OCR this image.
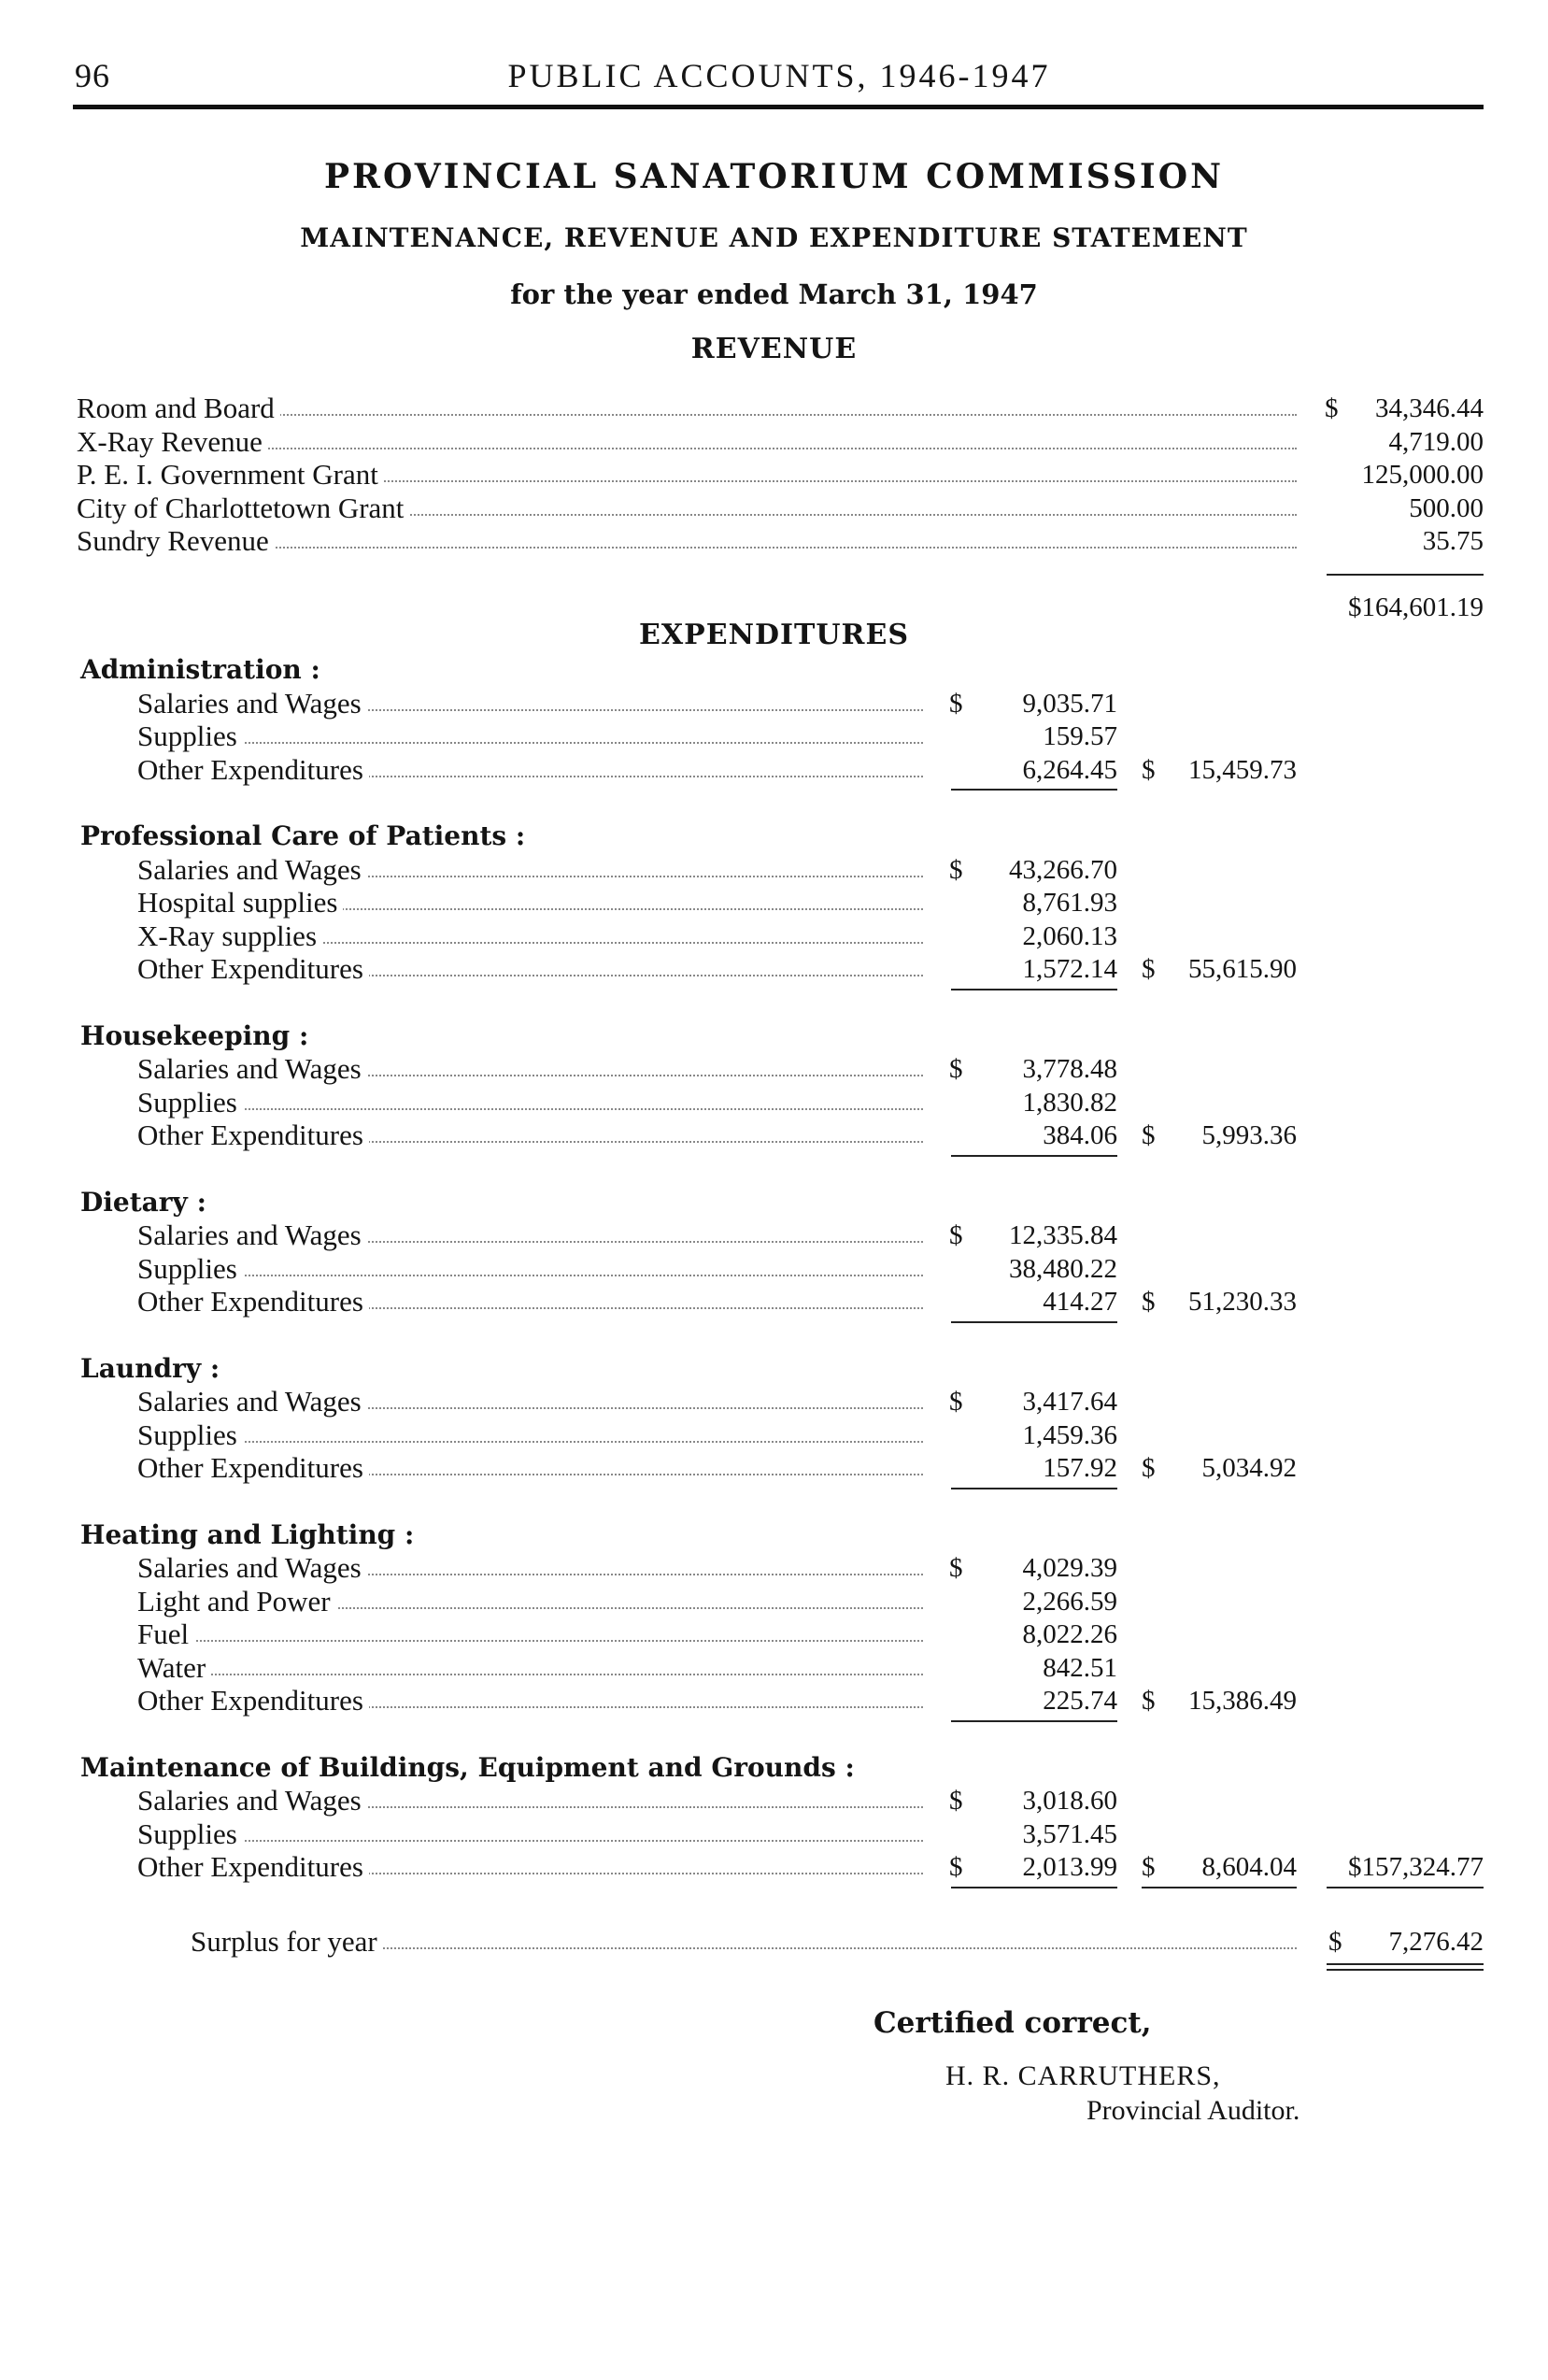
96	PUBLIC ACCOUNTS, 1946-1947
PROVINCIAL SANATORIUM COMMISSION
MAINTENANCE, REVENUE AND EXPENDITURE STATEMENT
for the year ended March 31, 1947
REVENUE
Room and Board	$ 34,346.44
X-Ray Revenue	4,719.00
P. E. I. Government Grant	125,000.00
City of Charlottetown Grant	500.00
Sundry Revenue	35.75
$164,601.19
EXPENDITURES
Administration :
Salaries and Wages	$	9,035.71
Supplies	159.57
Other Expenditures	6,264.45 $	15,459.73
Professional Care of Patients :
Salaries and Wages	$	43,266.70
Hospital supplies	8,761.93
X-Ray supplies	2,060.13
Other Expenditures	1,572.14 $	55,615.90
Housekeeping :
Salaries and Wages	$	3,778.48
Supplies	1,830.82
Other Expenditures	384.06 $	5,993.36
Dietary :
Salaries and Wages	$	12,335.84
Supplies	38,480.22
Other Expenditures	414.27 $	51,230.33
Laundry :
Salaries and Wages	$	3,417.64
Supplies	1,459.36
Other Expenditures	157.92 $	5,034.92
Heating and Lighting :
Salaries and Wages	$	4,029.39
Light and Power	2,266.59
Fuel	8,022.26
Water	842.51
Other Expenditures	225.74 $	15,386.49
Maintenance of Buildings, Equipment and Grounds :
Salaries and Wages	$	3,018.60
Supplies	3,571.45
Other Expenditures	$	2,013.99 $	8,604.04	$157,324.77
Surplus for year	$	7,276.42
Certified correct,
H. R. CARRUTHERS,
Provincial Auditor.
